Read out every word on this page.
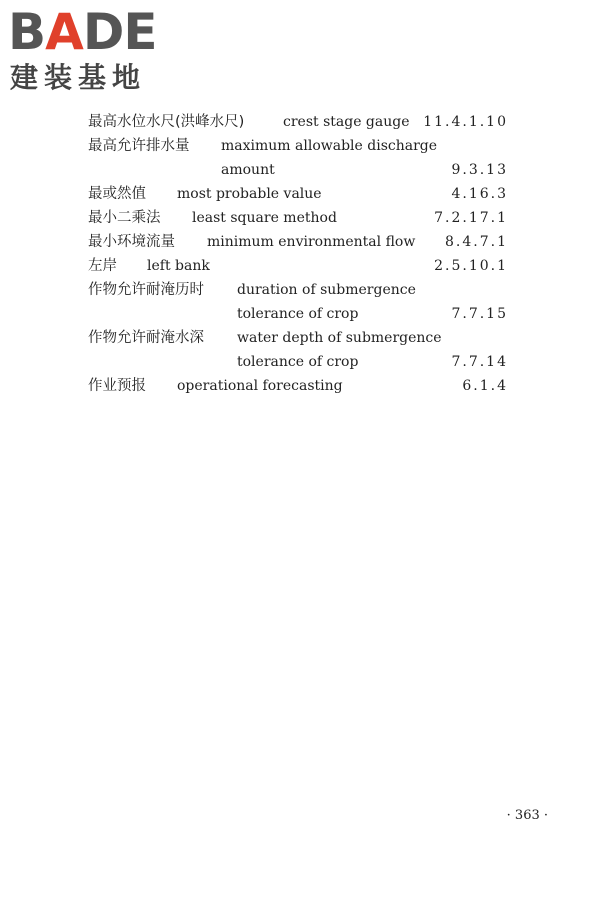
BADE
建装基地
最高水位水尺(洪峰水尺)	crest stage gauge 11.4.1.10
最高允许排水量 maximum allowable discharge
amount	9.3.13
最或然值 most probable value	4.16.3
最小二乘法 least square method	7.2.17.1
最小环境流量 minimum environmental flow 8.4.7.1
左岸 left bank	2.5.10.1
作物允许耐淹历时 duration of submergence
tolerance of crop	7.7.15
作物允许耐淹水深 water depth of submergence
tolerance of crop	7.7.14
作业预报 operational forecasting	6.1.4
· 363 ·
